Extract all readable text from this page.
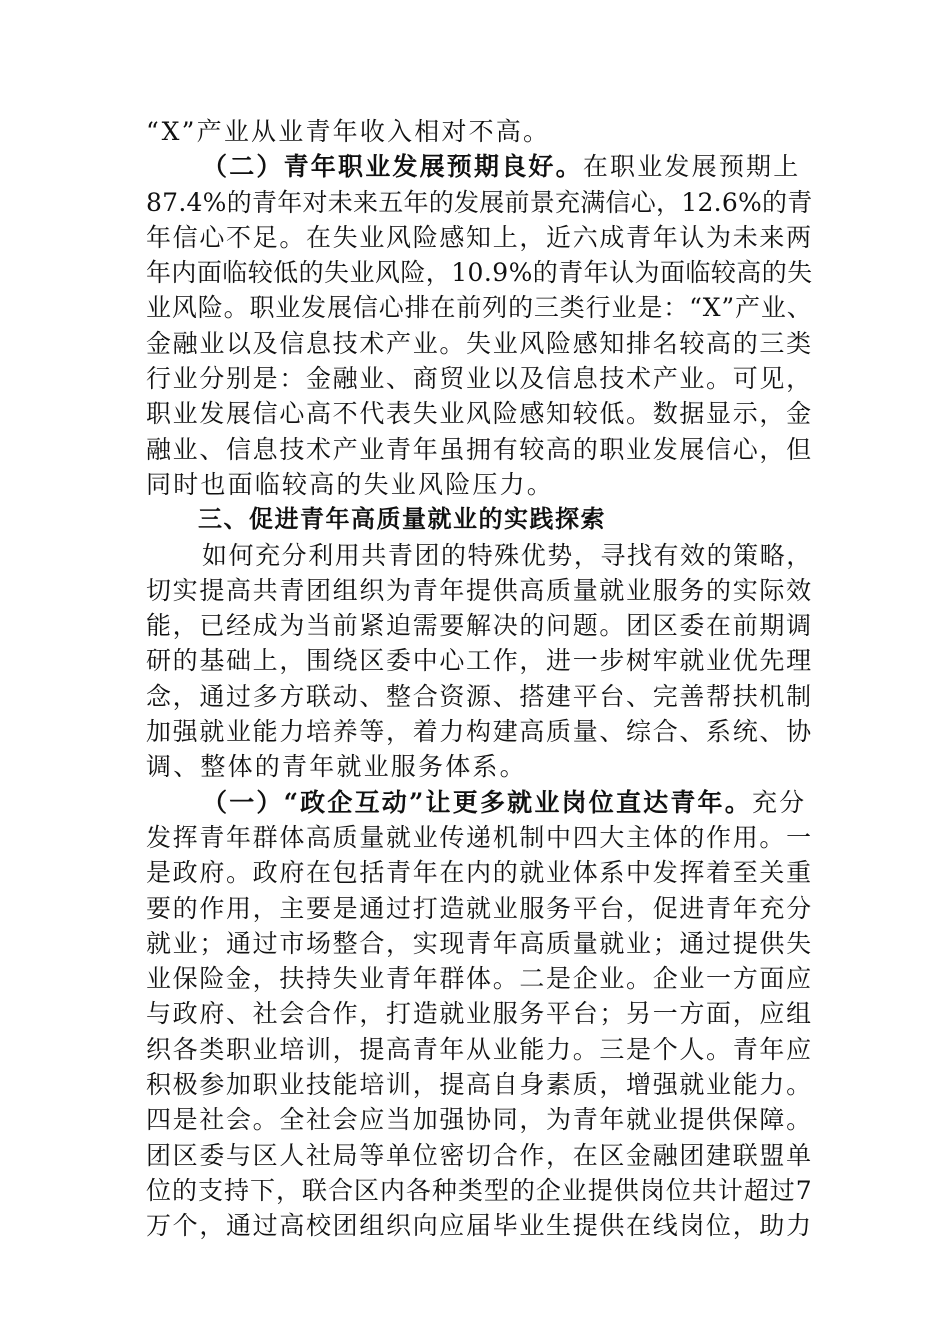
“X”产业从业青年收入相对不高。
（二）青年职业发展预期良好。在职业发展预期上
87.4%的青年对未来五年的发展前景充满信心，12.6%的青
年信心不足。在失业风险感知上，近六成青年认为未来两
年内面临较低的失业风险，10.9%的青年认为面临较高的失
业风险。职业发展信心排在前列的三类行业是：“X”产业、
金融业以及信息技术产业。失业风险感知排名较高的三类
行业分别是：金融业、商贸业以及信息技术产业。可见，
职业发展信心高不代表失业风险感知较低。数据显示，金
融业、信息技术产业青年虽拥有较高的职业发展信心，但
同时也面临较高的失业风险压力。
三、促进青年高质量就业的实践探索
如何充分利用共青团的特殊优势，寻找有效的策略，
切实提高共青团组织为青年提供高质量就业服务的实际效
能，已经成为当前紧迫需要解决的问题。团区委在前期调
研的基础上，围绕区委中心工作，进一步树牢就业优先理
念，通过多方联动、整合资源、搭建平台、完善帮扶机制
加强就业能力培养等，着力构建高质量、综合、系统、协
调、整体的青年就业服务体系。
（一）“政企互动”让更多就业岗位直达青年。充分
发挥青年群体高质量就业传递机制中四大主体的作用。一
是政府。政府在包括青年在内的就业体系中发挥着至关重
要的作用，主要是通过打造就业服务平台，促进青年充分
就业；通过市场整合，实现青年高质量就业；通过提供失
业保险金，扶持失业青年群体。二是企业。企业一方面应
与政府、社会合作，打造就业服务平台；另一方面，应组
织各类职业培训，提高青年从业能力。三是个人。青年应
积极参加职业技能培训，提高自身素质，增强就业能力。
四是社会。全社会应当加强协同，为青年就业提供保障。
团区委与区人社局等单位密切合作，在区金融团建联盟单
位的支持下，联合区内各种类型的企业提供岗位共计超过7
万个，通过高校团组织向应届毕业生提供在线岗位，助力
